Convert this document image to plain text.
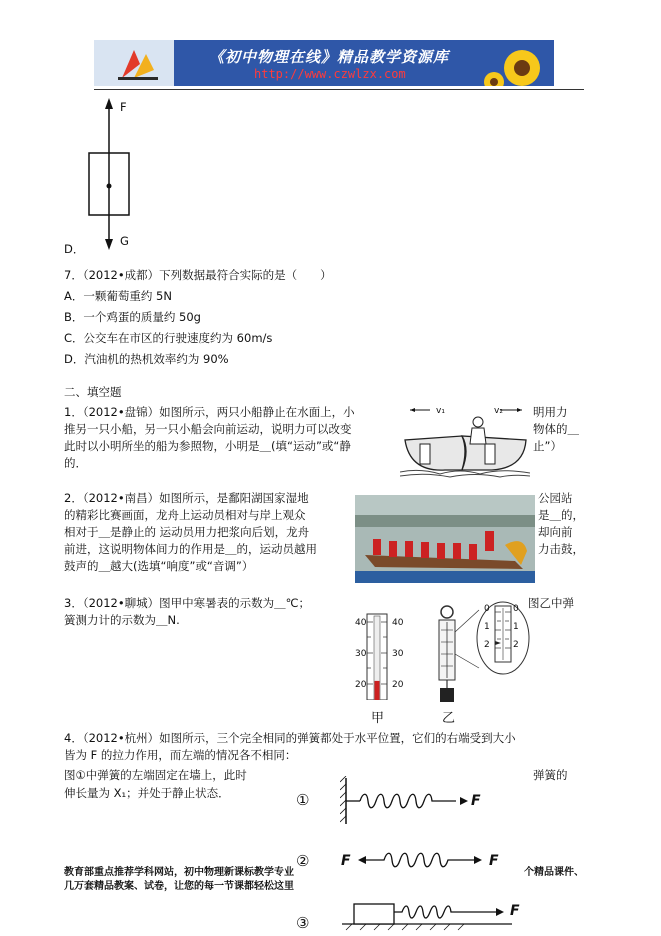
《初中物理在线》精品教学资源库
http://www.czwlzx.com
F
G
D．
7．（2012•成都）下列数据最符合实际的是（　　）
A．一颗葡萄重约 5N
B．一个鸡蛋的质量约 50g
C．公交车在市区的行驶速度约为 60m/s
D．汽油机的热机效率约为 90%
二、填空题
1．（2012•盘锦）如图所示，两只小船静止在水面上，小
推另一只小船，另一只小船会向前运动，说明力可以改变
此时以小明所坐的船为参照物，小明是＿(填“运动”或“静
的．
明用力
物体的＿
止”）
v₁	v₂
2．（2012•南昌）如图所示，是鄱阳湖国家湿地
的精彩比赛画面，龙舟上运动员相对与岸上观众
相对于＿是静止的 运动员用力把浆向后划，龙舟
前进，这说明物体间力的作用是＿的，运动员越用
鼓声的＿越大(选填“响度”或“音调”）
公园站
是＿的，
却向前
力击鼓，
3．（2012•聊城）图甲中寒暑表的示数为＿℃；
簧测力计的示数为＿N.
图乙中弹
40
30
20
40
30
20
0
1
2
0
1
2
甲	乙
4．（2012•杭州）如图所示，三个完全相同的弹簧都处于水平位置，它们的右端受到大小
皆为 F 的拉力作用，而左端的情况各不相同：
图①中弹簧的左端固定在墙上，此时
伸长量为 X₁；并处于静止状态．
弹簧的
①	F
② F	F
教育部重点推荐学科网站，初中物理新课标教学专业
几万套精品教案、试卷，让您的每一节课都轻松这里
个精品课件、
③
F
